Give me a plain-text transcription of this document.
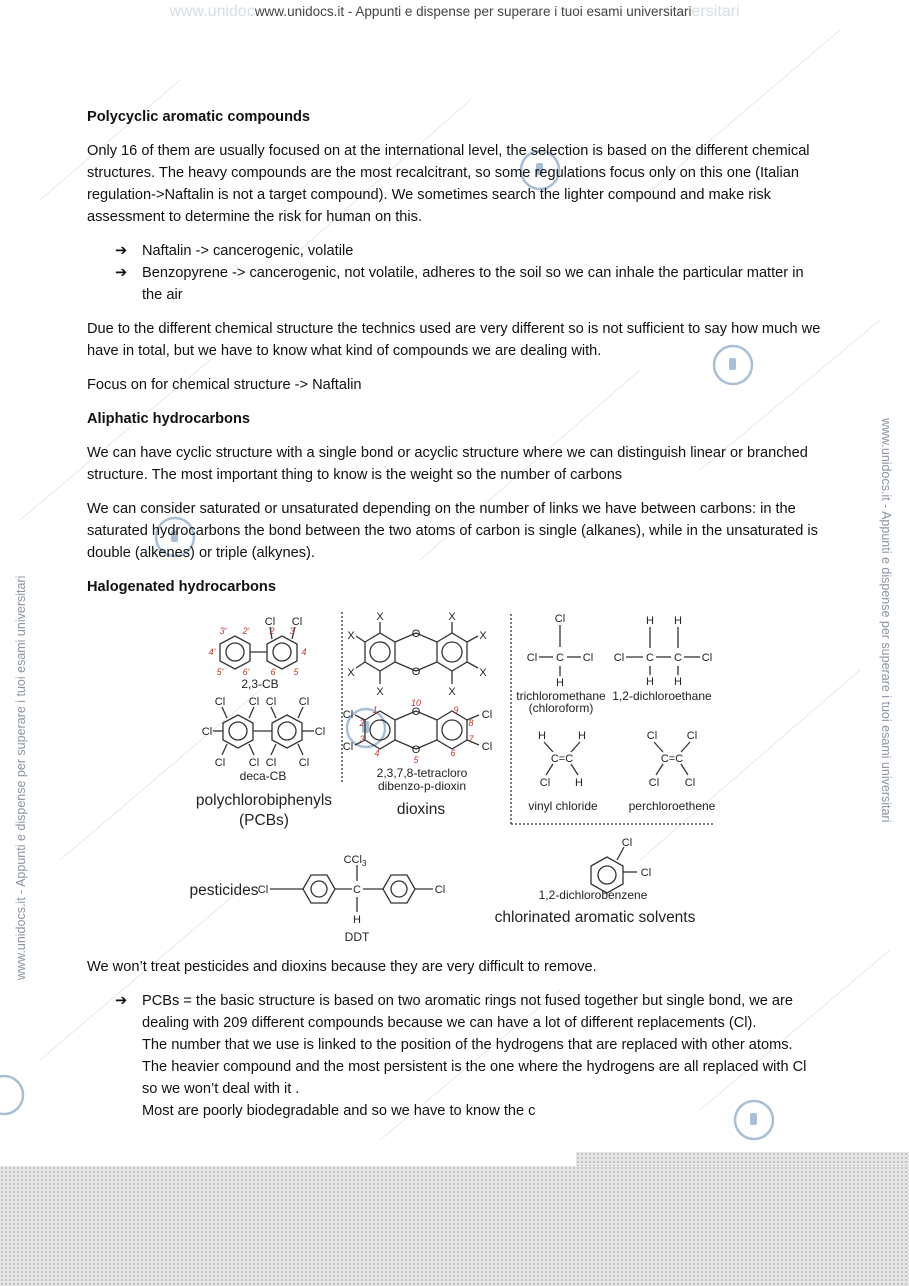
www.unidocwww.unidocs.it - Appunti e dispense per superare i tuoi esami universitariersitari
www.unidocs.it - Appunti e dispense per superare i tuoi esami universitari	www.unidocs.it - Appunti e dispense per superare i tuoi esami universitari
Polycyclic aromatic compounds

Only 16 of them are usually focused on at the international level, the selection is based on the different chemical structures. The heavy compounds are the most recalcitrant, so some regulations focus only on this one (Italian regulation->Naftalin is not a target compound). We sometimes search the lighter compound and make risk assessment to determine the risk for human on this.

➔ Naftalin -> cancerogenic, volatile
➔ Benzopyrene -> cancerogenic, not volatile, adheres to the soil so we can inhale the particular matter in the air

Due to the different chemical structure the technics used are very different so is not sufficient to say how much we have in total, but we have to know what kind of compounds we are dealing with.

Focus on for chemical structure -> Naftalin

Aliphatic hydrocarbons

We can have cyclic structure with a single bond or acyclic structure where we can distinguish linear or branched structure. The most important thing to know is the weight so the number of carbons

We can consider saturated or unsaturated depending on the number of links we have between carbons: in the saturated hydrocarbons the bond between the two atoms of carbon is single (alkanes), while in the unsaturated is double (alkenes) or triple (alkynes).

Halogenated hydrocarbons
Cl Cl
Cl	Cl
Cl Cl Cl Cl
Cl Cl Cl Cl
X	X
X	X
X
X
X
X
O
O
O
O
Cl
Cl
Cl
Cl
Cl
Cl C Cl
H
H H
Cl C C Cl
H H
H	H
C=C
Cl H
Cl	Cl
C=C
Cl Cl
Cl	C
CCl$_3$
H
Cl
Cl
Cl
3' 2' 2 3
4'	4
5' 6' 6 5
1
2
3
4
10
9
8
7
6
5
2,3-CB
deca-CB
polychlorobiphenyls
(PCBs)
2,3,7,8-tetracloro
dibenzo-p-dioxin
dioxins
trichloromethane
(chloroform)
1,2-dichloroethane
vinyl chloride	perchloroethene
pesticides
DDT
1,2-dichlorobenzene
chlorinated aromatic solvents

We won’t treat pesticides and dioxins because they are very difficult to remove.

➔ PCBs = the basic structure is based on two aromatic rings not fused together but single bond, we are dealing with 209 different compounds because we can have a lot of different replacements (Cl).

The number that we use is linked to the position of the hydrogens that are replaced with other atoms.

The heavier compound and the most persistent is the one where the hydrogens are all replaced with Cl so we won’t deal with it .

Most are poorly biodegradable and so we have to know the c
